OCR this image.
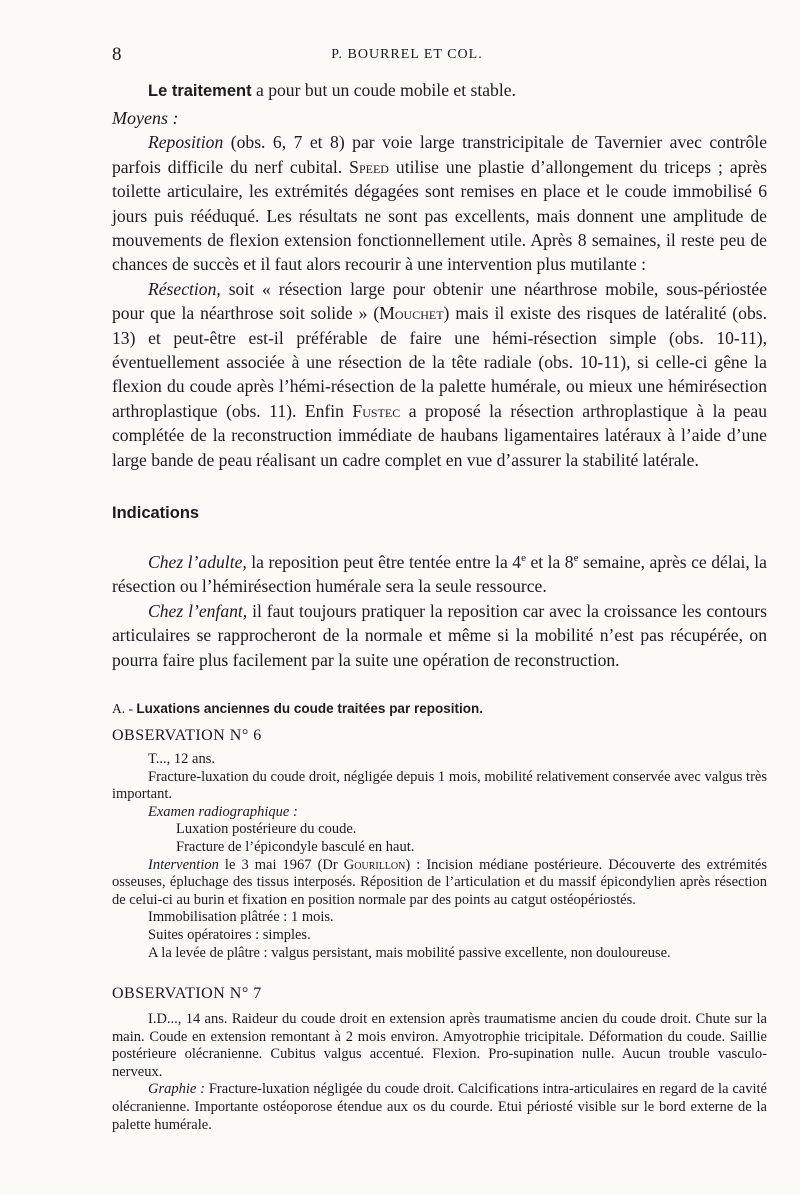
8	P. BOURREL ET COL.

Le traitement a pour but un coude mobile et stable.

Moyens :

Reposition (obs. 6, 7 et 8) par voie large transtricipitale de Tavernier avec contrôle parfois difficile du nerf cubital. Speed utilise une plastie d’allongement du triceps ; après toilette articulaire, les extrémités dégagées sont remises en place et le coude immobilisé 6 jours puis rééduqué. Les résultats ne sont pas excellents, mais donnent une amplitude de mouvements de flexion extension fonctionnellement utile. Après 8 semaines, il reste peu de chances de succès et il faut alors recourir à une intervention plus mutilante :

Résection, soit « résection large pour obtenir une néarthrose mobile, sous-périostée pour que la néarthrose soit solide » (Mouchet) mais il existe des risques de latéralité (obs. 13) et peut-être est-il préférable de faire une hémi-résection simple (obs. 10-11), éventuellement associée à une résection de la tête radiale (obs. 10-11), si celle-ci gêne la flexion du coude après l’hémi-résection de la palette humérale, ou mieux une hémirésection arthroplastique (obs. 11). Enfin Fustec a proposé la résection arthroplastique à la peau complétée de la reconstruction immédiate de haubans ligamentaires latéraux à l’aide d’une large bande de peau réalisant un cadre complet en vue d’assurer la stabilité latérale.

Indications

Chez l’adulte, la reposition peut être tentée entre la 4e et la 8e semaine, après ce délai, la résection ou l’hémirésection humérale sera la seule ressource.

Chez l’enfant, il faut toujours pratiquer la reposition car avec la croissance les contours articulaires se rapprocheront de la normale et même si la mobilité n’est pas récupérée, on pourra faire plus facilement par la suite une opération de reconstruction.

A. - Luxations anciennes du coude traitées par reposition.

OBSERVATION N° 6

T..., 12 ans.

Fracture-luxation du coude droit, négligée depuis 1 mois, mobilité relativement conservée avec valgus très important.

Examen radiographique :

Luxation postérieure du coude.

Fracture de l’épicondyle basculé en haut.

Intervention le 3 mai 1967 (Dr Gourillon) : Incision médiane postérieure. Découverte des extrémités osseuses, épluchage des tissus interposés. Réposition de l’articulation et du massif épicondylien après résection de celui-ci au burin et fixation en position normale par des points au catgut ostéopériostés.

Immobilisation plâtrée : 1 mois.

Suites opératoires : simples.

A la levée de plâtre : valgus persistant, mais mobilité passive excellente, non douloureuse.

OBSERVATION N° 7

I.D..., 14 ans. Raideur du coude droit en extension après traumatisme ancien du coude droit. Chute sur la main. Coude en extension remontant à 2 mois environ. Amyotrophie tricipitale. Déformation du coude. Saillie postérieure olécranienne. Cubitus valgus accentué. Flexion. Pro-supination nulle. Aucun trouble vasculo-nerveux.

Graphie : Fracture-luxation négligée du coude droit. Calcifications intra-articulaires en regard de la cavité olécranienne. Importante ostéoporose étendue aux os du courde. Etui périosté visible sur le bord externe de la palette humérale.
